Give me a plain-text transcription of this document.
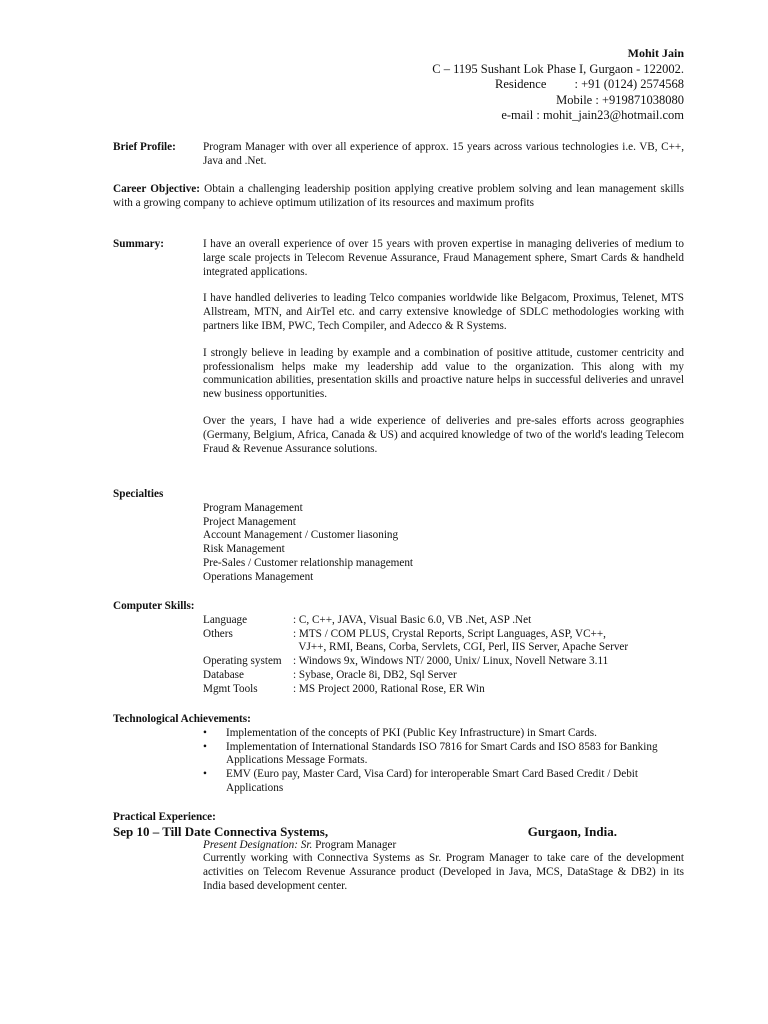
Mohit Jain
C – 1195 Sushant Lok Phase I, Gurgaon - 122002.
Residence         : +91 (0124) 2574568
Mobile : +919871038080
e-mail : mohit_jain23@hotmail.com
Brief Profile:	Program Manager with over all experience of approx. 15 years across various technologies i.e. VB, C++, Java and .Net.

Career Objective: Obtain a challenging leadership position applying creative problem solving and lean management skills with a growing company to achieve optimum utilization of its resources and maximum profits

Summary:	I have an overall experience of over 15 years with proven expertise in managing deliveries of medium to large scale projects in Telecom Revenue Assurance, Fraud Management sphere, Smart Cards & handheld integrated applications.

I have handled deliveries to leading Telco companies worldwide like Belgacom, Proximus, Telenet, MTS Allstream, MTN, and AirTel etc. and carry extensive knowledge of SDLC methodologies working with partners like IBM, PWC, Tech Compiler, and Adecco & R Systems.

I strongly believe in leading by example and a combination of positive attitude, customer centricity and professionalism helps make my leadership add value to the organization. This along with my communication abilities, presentation skills and proactive nature helps in successful deliveries and unravel new business opportunities.

Over the years, I have had a wide experience of deliveries and pre-sales efforts across geographies (Germany, Belgium, Africa, Canada & US) and acquired knowledge of two of the world's leading Telecom Fraud & Revenue Assurance solutions.

Specialties
Program Management
Project Management
Account Management / Customer liasoning
Risk Management
Pre-Sales / Customer relationship management
Operations Management
Computer Skills:
Language	: C, C++, JAVA, Visual Basic 6.0, VB .Net, ASP .Net
Others	: MTS / COM PLUS, Crystal Reports, Script Languages, ASP, VC++,
VJ++, RMI, Beans, Corba, Servlets, CGI, Perl, IIS Server, Apache Server
Operating system	: Windows 9x, Windows NT/ 2000, Unix/ Linux, Novell Netware 3.11
Database	: Sybase, Oracle 8i, DB2, Sql Server
Mgmt Tools	: MS Project 2000, Rational Rose, ER Win
Technological Achievements:
•	Implementation of the concepts of PKI (Public Key Infrastructure) in Smart Cards.
•	Implementation of International Standards ISO 7816 for Smart Cards and ISO 8583 for Banking Applications Message Formats.
•	EMV (Euro pay, Master Card, Visa Card) for interoperable Smart Card Based Credit / Debit Applications
Practical Experience:
Sep 10 – Till Date Connectiva Systems,	Gurgaon, India.
Present Designation: Sr. Program Manager

Currently working with Connectiva Systems as Sr. Program Manager to take care of the development activities on Telecom Revenue Assurance product (Developed in Java, MCS, DataStage & DB2) in its India based development center.
